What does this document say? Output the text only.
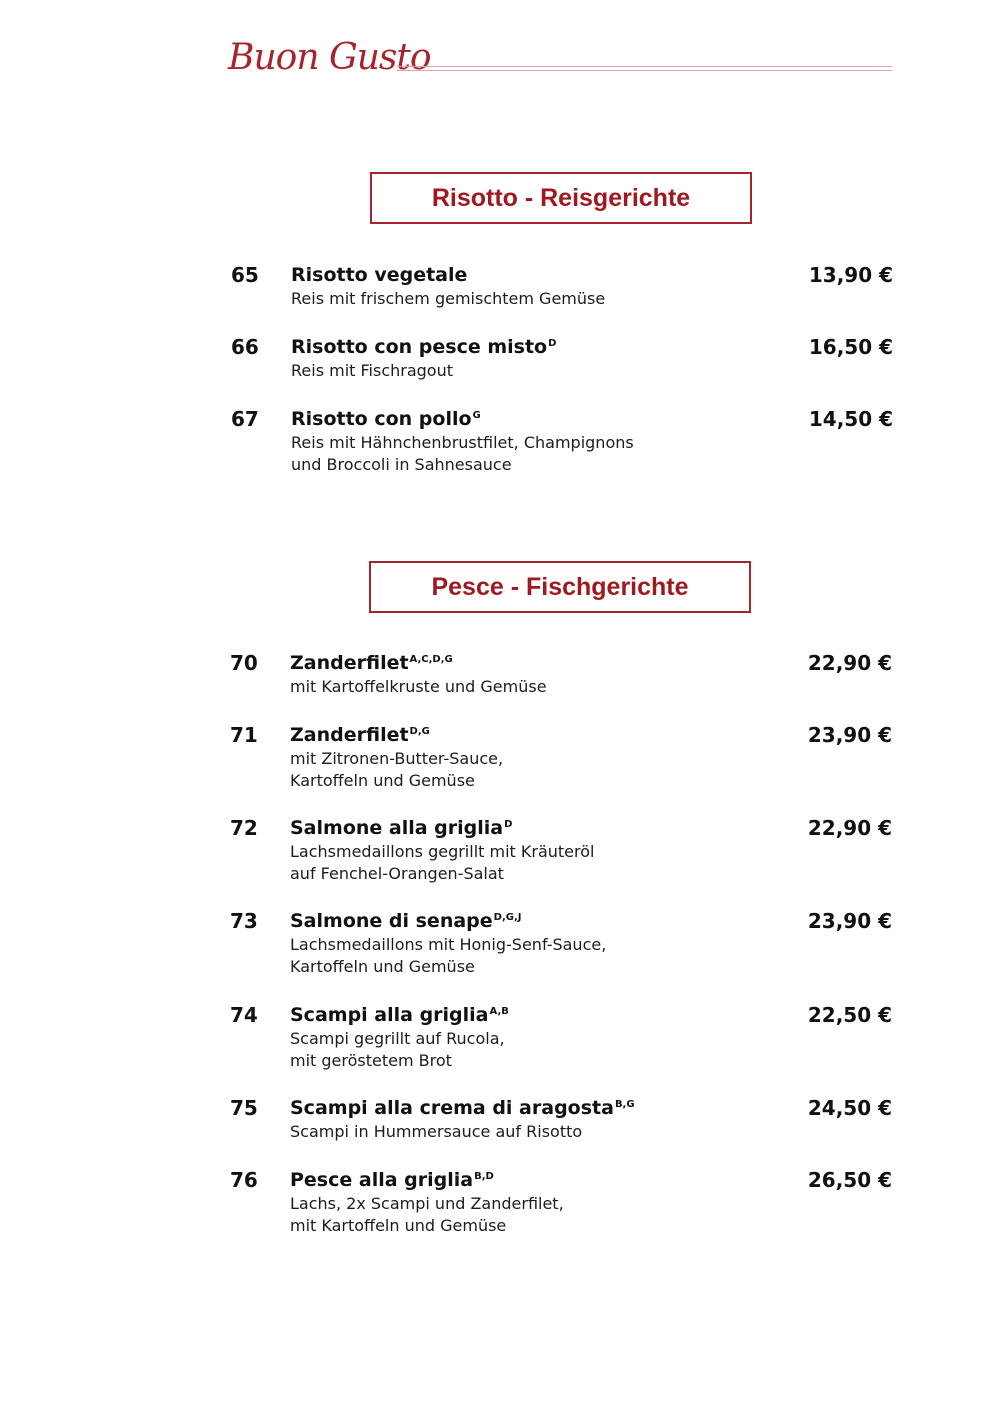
Buon Gusto
Risotto - Reisgerichte
65 Risotto vegetale	13,90 €
Reis mit frischem gemischtem Gemüse
66 Risotto con pesce misto$^D$	16,50 €
Reis mit Fischragout
67 Risotto con pollo$^G$	14,50 €
Reis mit Hähnchenbrustfilet, Champignons
und Broccoli in Sahnesauce
Pesce - Fischgerichte
70 Zanderfilet$^{A,C,D,G}$	22,90 €
mit Kartoffelkruste und Gemüse
71 Zanderfilet$^{D,G}$	23,90 €
mit Zitronen-Butter-Sauce,
Kartoffeln und Gemüse
72 Salmone alla griglia$^D$	22,90 €
Lachsmedaillons gegrillt mit Kräuteröl
auf Fenchel-Orangen-Salat
73 Salmone di senape$^{D,G,J}$	23,90 €
Lachsmedaillons mit Honig-Senf-Sauce,
Kartoffeln und Gemüse
74 Scampi alla griglia$^{A,B}$	22,50 €
Scampi gegrillt auf Rucola,
mit geröstetem Brot
75 Scampi alla crema di aragosta$^{B,G}$	24,50 €
Scampi in Hummersauce auf Risotto
76 Pesce alla griglia$^{B,D}$	26,50 €
Lachs, 2x Scampi und Zanderfilet,
mit Kartoffeln und Gemüse
